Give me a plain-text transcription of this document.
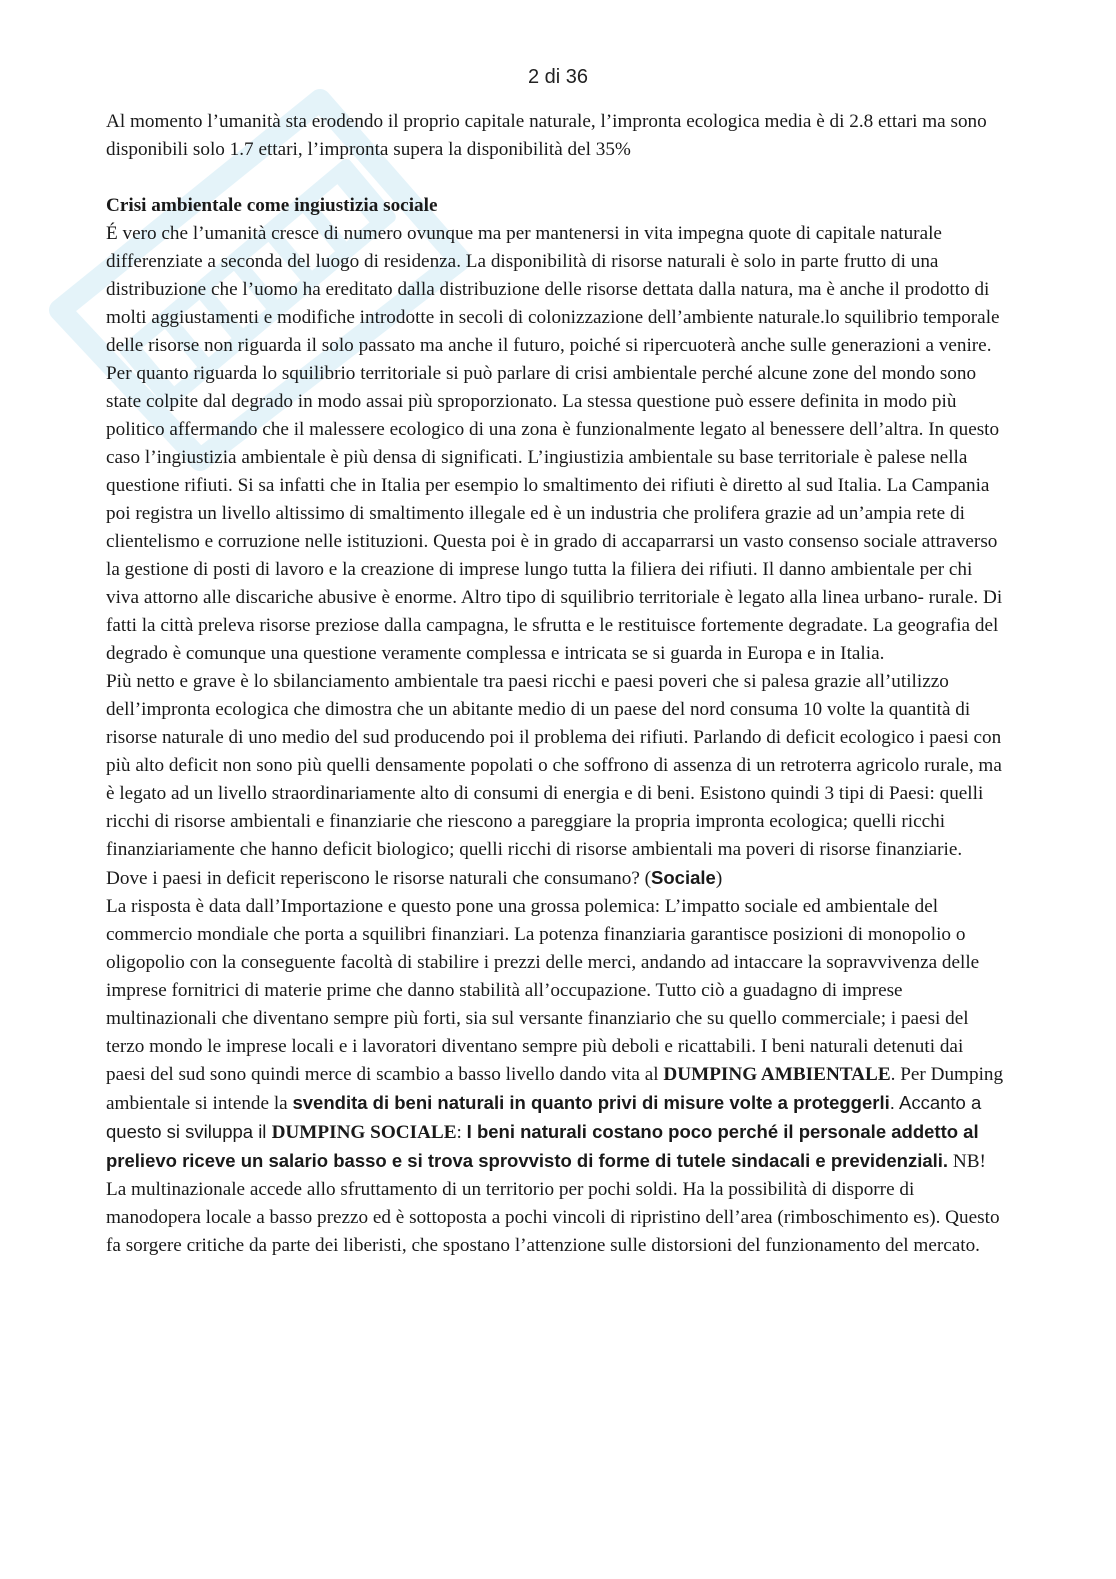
2 di 36

Al momento l’umanità sta erodendo il proprio capitale naturale, l’impronta ecologica media è di 2.8 ettari ma sono disponibili solo 1.7 ettari, l’impronta supera la disponibilità del 35%

Crisi ambientale come ingiustizia sociale

É vero che l’umanità cresce di numero ovunque ma per mantenersi in vita impegna quote di capitale naturale differenziate a seconda del luogo di residenza. La disponibilità di risorse naturali è solo in parte frutto di una distribuzione che l’uomo ha ereditato dalla distribuzione delle risorse dettata dalla natura, ma è anche il prodotto di molti aggiustamenti e modifiche introdotte in secoli di colonizzazione dell’ambiente naturale.lo squilibrio temporale delle risorse non riguarda il solo passato ma anche il futuro, poiché si ripercuoterà anche sulle generazioni a venire. Per quanto riguarda lo squilibrio territoriale si può parlare di crisi ambientale perché alcune zone del mondo sono state colpite dal degrado in modo assai più sproporzionato. La stessa questione può essere definita in modo più politico affermando che il malessere ecologico di una zona è funzionalmente legato al benessere dell’altra. In questo caso l’ingiustizia ambientale è più densa di significati. L’ingiustizia ambientale su base territoriale è palese nella questione rifiuti. Si sa infatti che in Italia per esempio lo smaltimento dei rifiuti è diretto al sud Italia. La Campania poi registra un livello altissimo di smaltimento illegale ed è un industria che prolifera grazie ad un’ampia rete di clientelismo e corruzione nelle istituzioni. Questa poi è in grado di accaparrarsi un vasto consenso sociale attraverso la gestione di posti di lavoro e la creazione di imprese lungo tutta la filiera dei rifiuti. Il danno ambientale per chi viva attorno alle discariche abusive è enorme. Altro tipo di squilibrio territoriale è legato alla linea urbano- rurale. Di fatti la città preleva risorse preziose dalla campagna, le sfrutta e le restituisce fortemente degradate. La geografia del degrado è comunque una questione veramente complessa e intricata se si guarda in Europa e in Italia.

Più netto e grave è lo sbilanciamento ambientale tra paesi ricchi e paesi poveri che si palesa grazie all’utilizzo dell’impronta ecologica che dimostra che un abitante medio di un paese del nord consuma 10 volte la quantità di risorse naturale di uno medio del sud producendo poi il problema dei rifiuti. Parlando di deficit ecologico i paesi con più alto deficit non sono più quelli densamente popolati o che soffrono di assenza di un retroterra agricolo rurale, ma è legato ad un livello straordinariamente alto di consumi di energia e di beni. Esistono quindi 3 tipi di Paesi: quelli ricchi di risorse ambientali e finanziarie che riescono a pareggiare la propria impronta ecologica; quelli ricchi finanziariamente che hanno deficit biologico; quelli ricchi di risorse ambientali ma poveri di risorse finanziarie. Dove i paesi in deficit reperiscono le risorse naturali che consumano? (Sociale)

La risposta è data dall’Importazione e questo pone una grossa polemica: L’impatto sociale ed ambientale del commercio mondiale che porta a squilibri finanziari. La potenza finanziaria garantisce posizioni di monopolio o oligopolio con la conseguente facoltà di stabilire i prezzi delle merci, andando ad intaccare la sopravvivenza delle imprese fornitrici di materie prime che danno stabilità all’occupazione. Tutto ciò a guadagno di imprese multinazionali che diventano sempre più forti, sia sul versante finanziario che su quello commerciale; i paesi del terzo mondo le imprese locali e i lavoratori diventano sempre più deboli e ricattabili. I beni naturali detenuti dai paesi del sud sono quindi merce di scambio a basso livello dando vita al DUMPING AMBIENTALE. Per Dumping ambientale si intende la svendita di beni naturali in quanto privi di misure volte a proteggerli. Accanto a questo si sviluppa il DUMPING SOCIALE: I beni naturali costano poco perché il personale addetto al prelievo riceve un salario basso e si trova sprovvisto di forme di tutele sindacali e previdenziali. NB! La multinazionale accede allo sfruttamento di un territorio per pochi soldi. Ha la possibilità di disporre di manodopera locale a basso prezzo ed è sottoposta a pochi vincoli di ripristino dell’area (rimboschimento es). Questo fa sorgere critiche da parte dei liberisti, che spostano l’attenzione sulle distorsioni del funzionamento del mercato.
